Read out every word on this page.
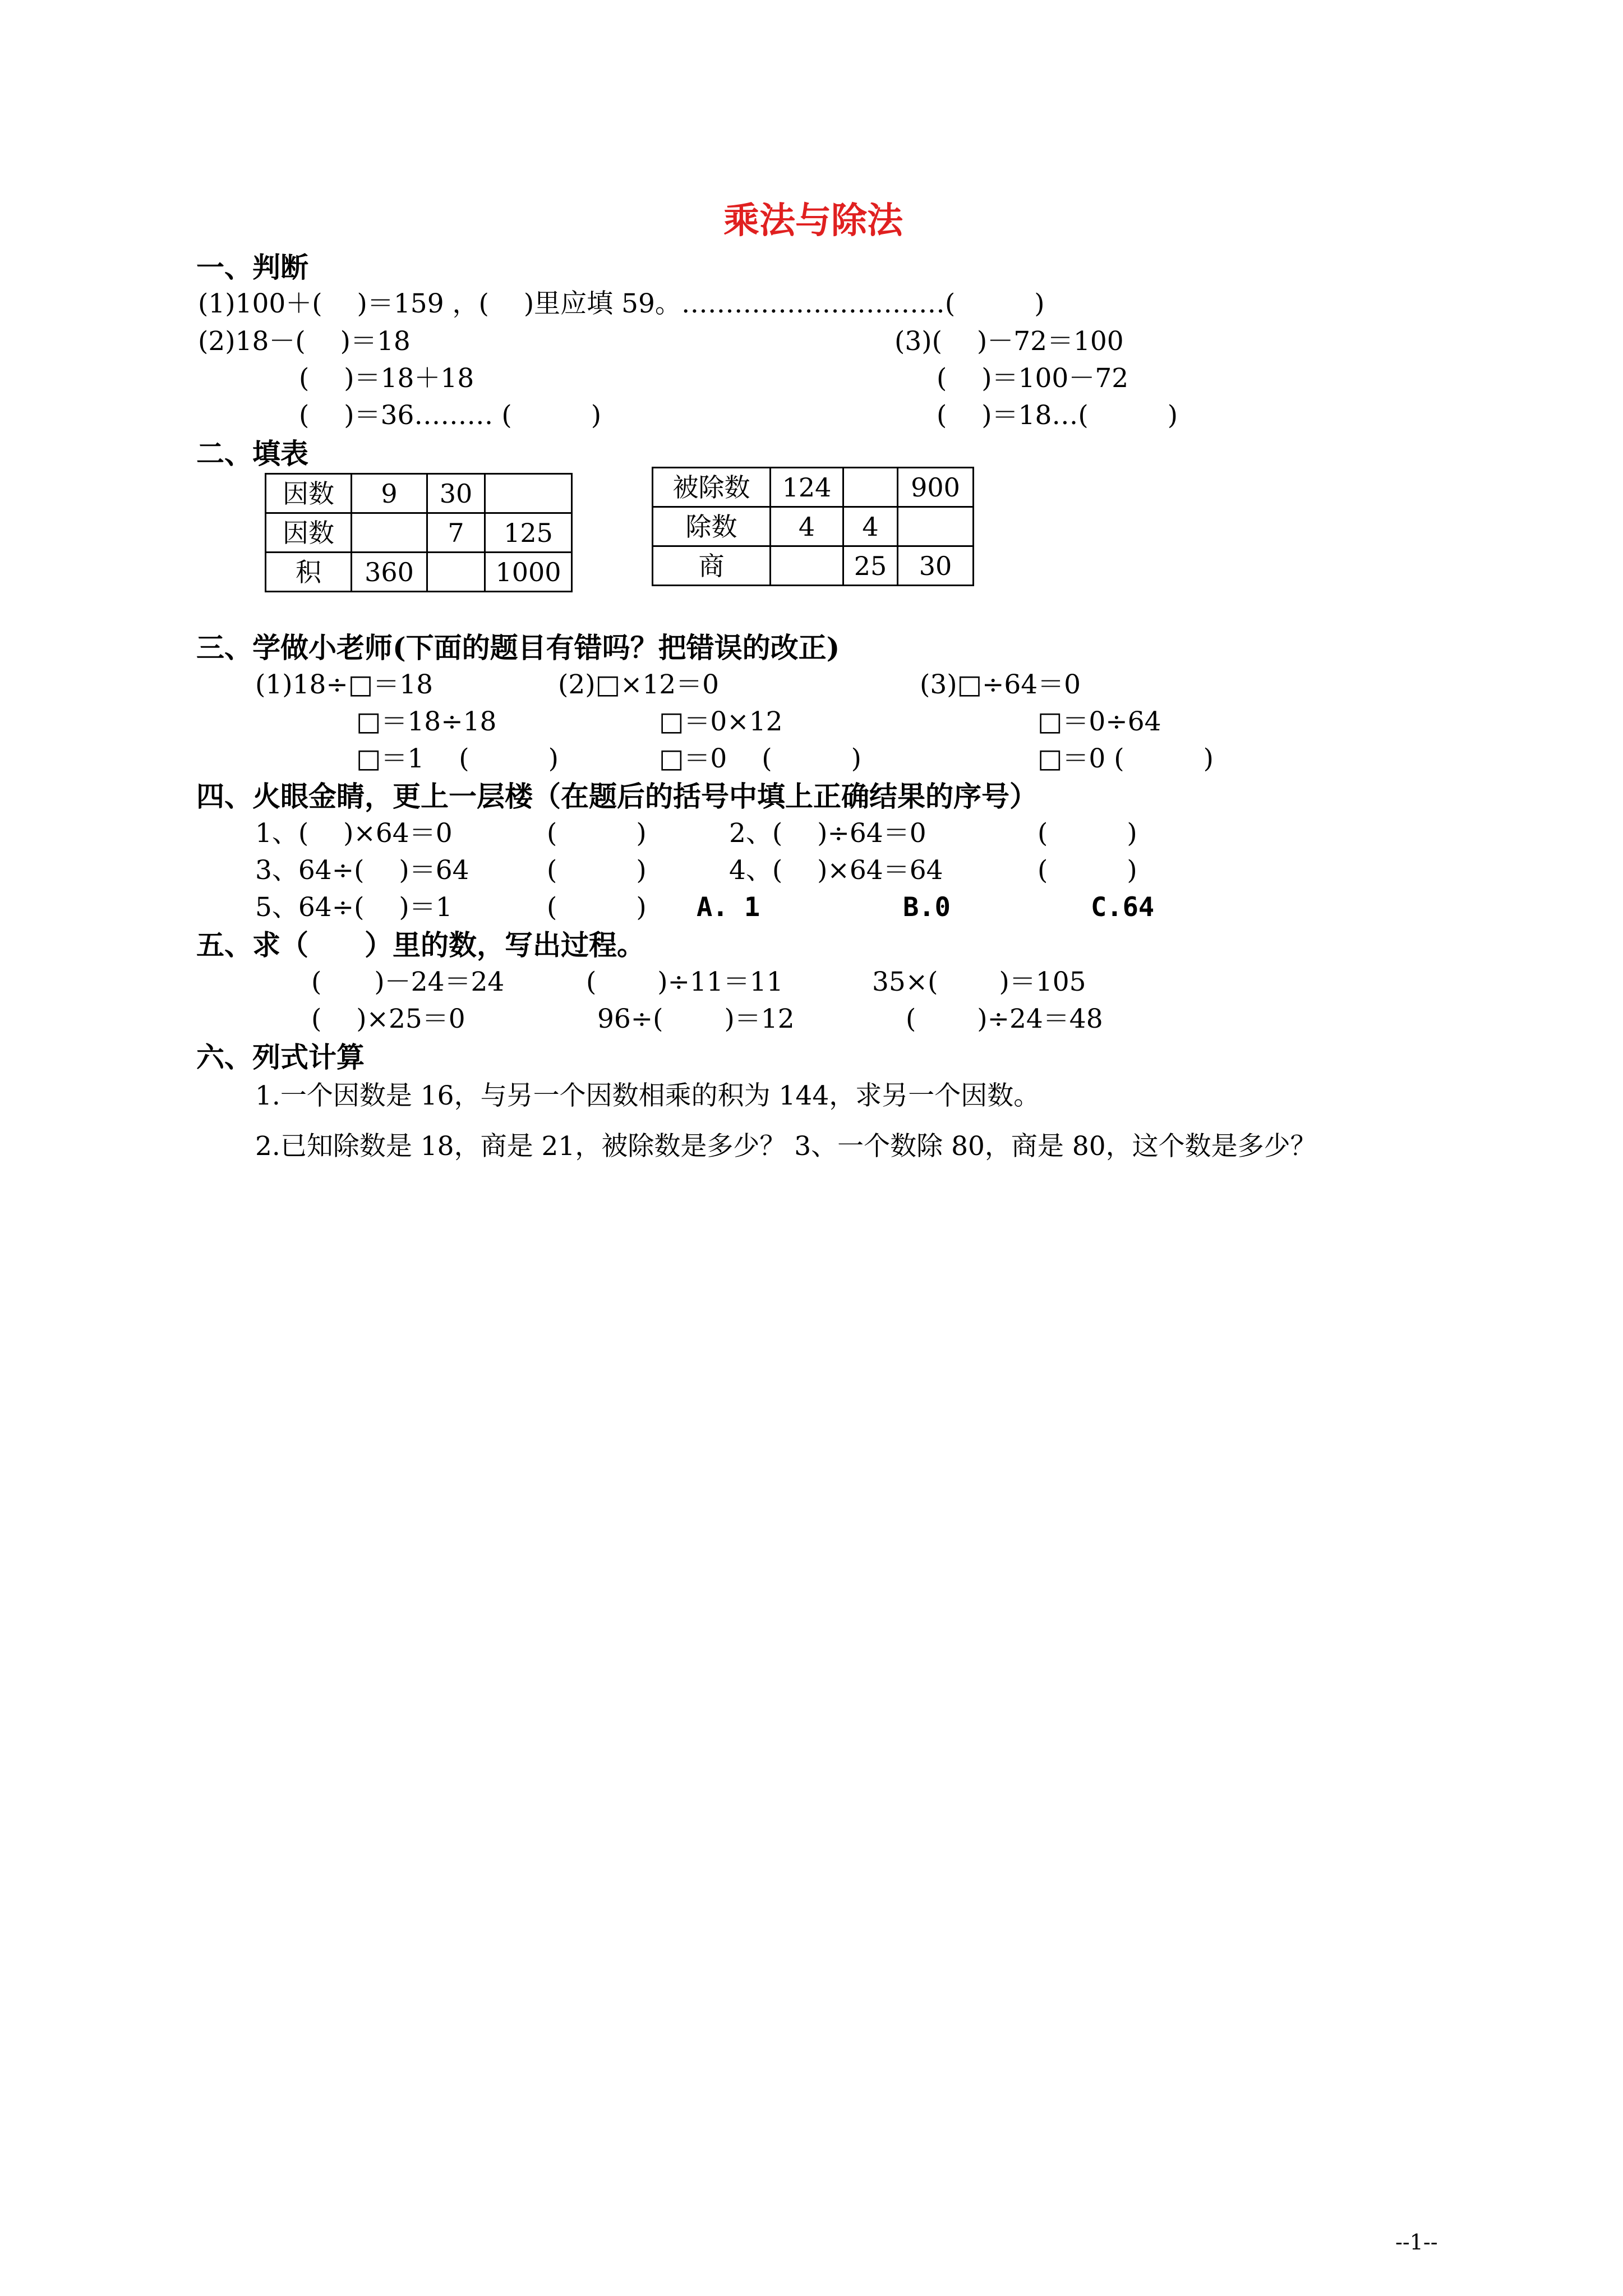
乘法与除法
一、判断
(1)100＋(　 )＝159 ，(　 )里应填 59。…………………………(　　　)
(2)18－(　 )＝18
(　 )＝18＋18
(　 )＝36……… (　　　)
(3)(　 )－72＝100
(　 )＝100－72
(　 )＝18…(　　　)
二、填表
因数	9	30	
因数		7	125
积	360		1000
被除数	124		900
除数	4	4	
商		25	30
三、学做小老师(下面的题目有错吗？把错误的改正)
(1)18÷□＝18
□＝18÷18
□＝1　 (　　　)
(2)□×12＝0
□＝0×12
□＝0　 (　　　)
(3)□÷64＝0
□＝0÷64
□＝0 (　　　)
四、火眼金睛，更上一层楼（在题后的括号中填上正确结果的序号）
1、(　 )×64＝0	(　　　)	2、(　 )÷64＝0	(　　　)
3、64÷(　 )＝64	(　　　)	4、(　 )×64＝64	(　　　)
5、64÷(　 )＝1	(　　　) A. 1	B.0	C.64
五、求（　　）里的数，写出过程。
(　　)－24＝24	(　　 )÷11＝11	35×(　　 )＝105
(　 )×25＝0	96÷(　　 )＝12	(　　 )÷24＝48
六、列式计算
1.一个因数是 16，与另一个因数相乘的积为 144，求另一个因数。
2.已知除数是 18，商是 21，被除数是多少？ 3、一个数除 80，商是 80，这个数是多少？
--1--
